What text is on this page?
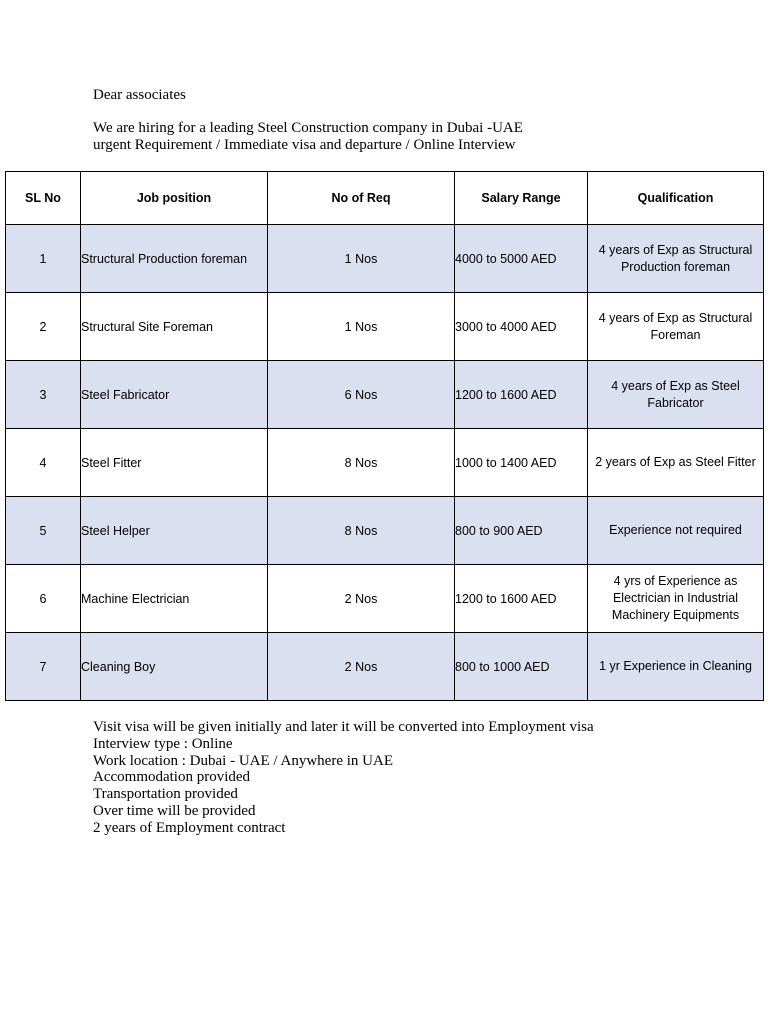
Dear associates

We are hiring for a leading Steel Construction company in Dubai -UAE

urgent Requirement / Immediate visa and departure / Online Interview

SL No	Job position	No of Req	Salary Range	Qualification
1	Structural Production foreman	1 Nos	4000 to 5000 AED	4 years of Exp as Structural Production foreman
2	Structural Site Foreman	1 Nos	3000 to 4000 AED	4 years of Exp as Structural Foreman
3	Steel Fabricator	6 Nos	1200 to 1600 AED	4 years of Exp as Steel Fabricator
4	Steel Fitter	8 Nos	1000 to 1400 AED	2 years of Exp as Steel Fitter
5	Steel Helper	8 Nos	800 to 900 AED	Experience not required
6	Machine Electrician	2 Nos	1200 to 1600 AED	4 yrs of Experience as Electrician in Industrial Machinery Equipments
7	Cleaning Boy	2 Nos	800 to 1000 AED	1 yr Experience in Cleaning

Visit visa will be given initially and later it will be converted into Employment visa

Interview type : Online

Work location : Dubai - UAE / Anywhere in UAE

Accommodation provided

Transportation provided

Over time will be provided

2 years of Employment contract
